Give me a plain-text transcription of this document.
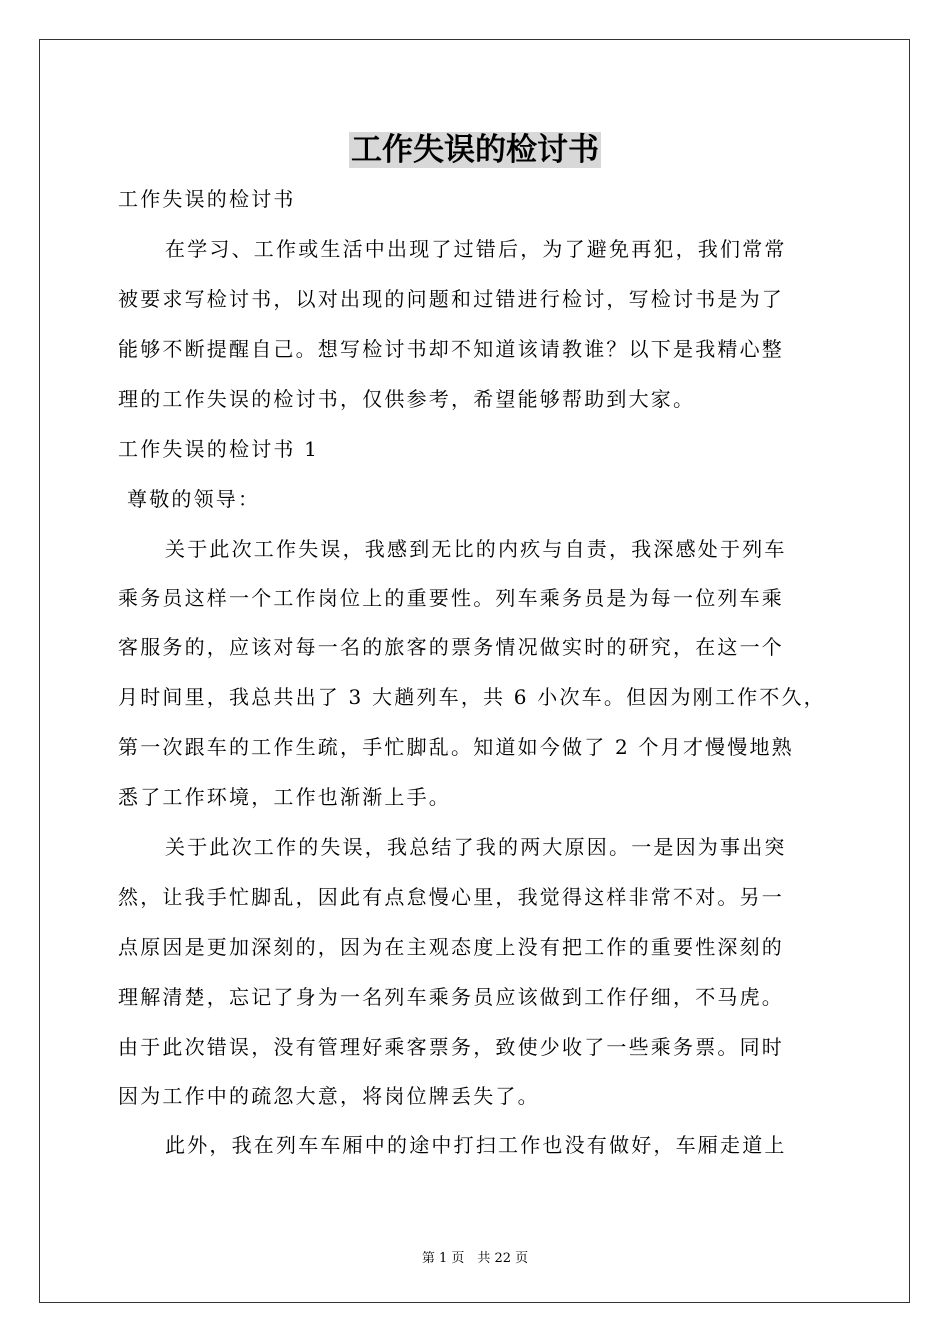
工作失误的检讨书
工作失误的检讨书
在学习、工作或生活中出现了过错后，为了避免再犯，我们常常
被要求写检讨书，以对出现的问题和过错进行检讨，写检讨书是为了
能够不断提醒自己。想写检讨书却不知道该请教谁？以下是我精心整
理的工作失误的检讨书，仅供参考，希望能够帮助到大家。
工作失误的检讨书 1
尊敬的领导：
关于此次工作失误，我感到无比的内疚与自责，我深感处于列车
乘务员这样一个工作岗位上的重要性。列车乘务员是为每一位列车乘
客服务的，应该对每一名的旅客的票务情况做实时的研究，在这一个
月时间里，我总共出了 3 大趟列车，共 6 小次车。但因为刚工作不久，
第一次跟车的工作生疏，手忙脚乱。知道如今做了 2 个月才慢慢地熟
悉了工作环境，工作也渐渐上手。
关于此次工作的失误，我总结了我的两大原因。一是因为事出突
然，让我手忙脚乱，因此有点怠慢心里，我觉得这样非常不对。另一
点原因是更加深刻的，因为在主观态度上没有把工作的重要性深刻的
理解清楚，忘记了身为一名列车乘务员应该做到工作仔细，不马虎。
由于此次错误，没有管理好乘客票务，致使少收了一些乘务票。同时
因为工作中的疏忽大意，将岗位牌丢失了。
此外，我在列车车厢中的途中打扫工作也没有做好，车厢走道上
第 1 页　共 22 页
